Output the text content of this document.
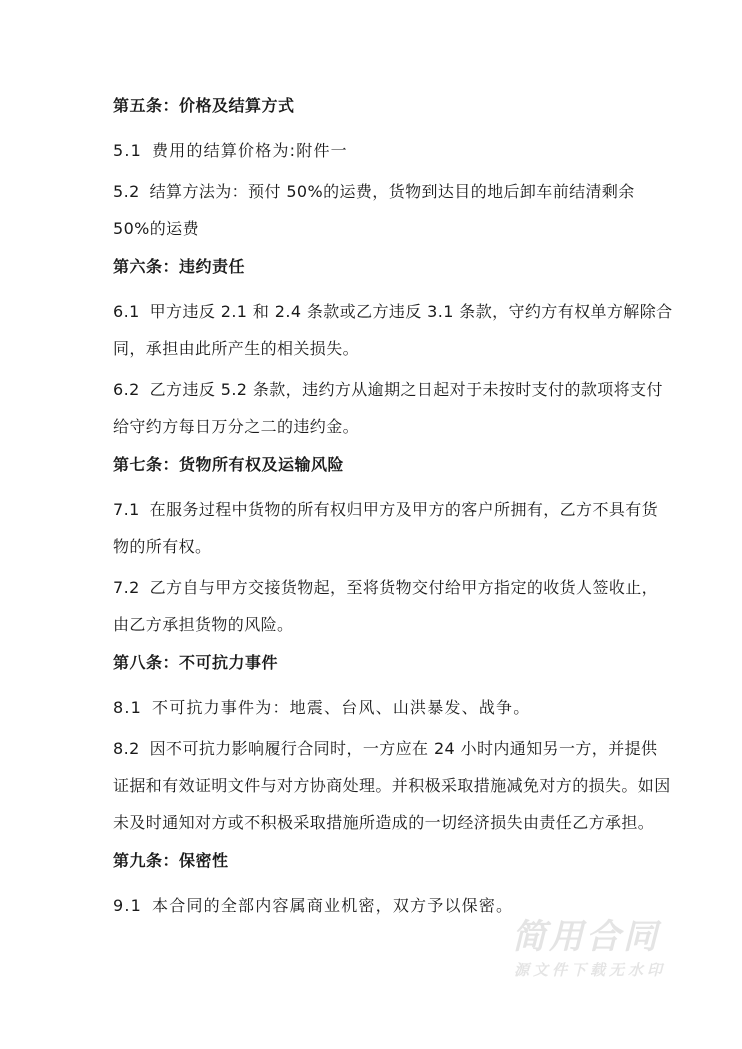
第五条：价格及结算方式
5.1 费用的结算价格为:附件一
5.2 结算方法为：预付 50%的运费，货物到达目的地后卸车前结清剩余 50%的运费
第六条：违约责任
6.1 甲方违反 2.1 和 2.4 条款或乙方违反 3.1 条款，守约方有权单方解除合同，承担由此所产生的相关损失。
6.2 乙方违反 5.2 条款，违约方从逾期之日起对于未按时支付的款项将支付给守约方每日万分之二的违约金。
第七条：货物所有权及运输风险
7.1 在服务过程中货物的所有权归甲方及甲方的客户所拥有，乙方不具有货物的所有权。
7.2 乙方自与甲方交接货物起，至将货物交付给甲方指定的收货人签收止，由乙方承担货物的风险。
第八条：不可抗力事件
8.1 不可抗力事件为：地震、台风、山洪暴发、战争。
8.2 因不可抗力影响履行合同时，一方应在 24 小时内通知另一方，并提供证据和有效证明文件与对方协商处理。并积极采取措施减免对方的损失。如因未及时通知对方或不积极采取措施所造成的一切经济损失由责任乙方承担。
第九条：保密性
9.1 本合同的全部内容属商业机密，双方予以保密。
简用合同
源文件下载无水印
